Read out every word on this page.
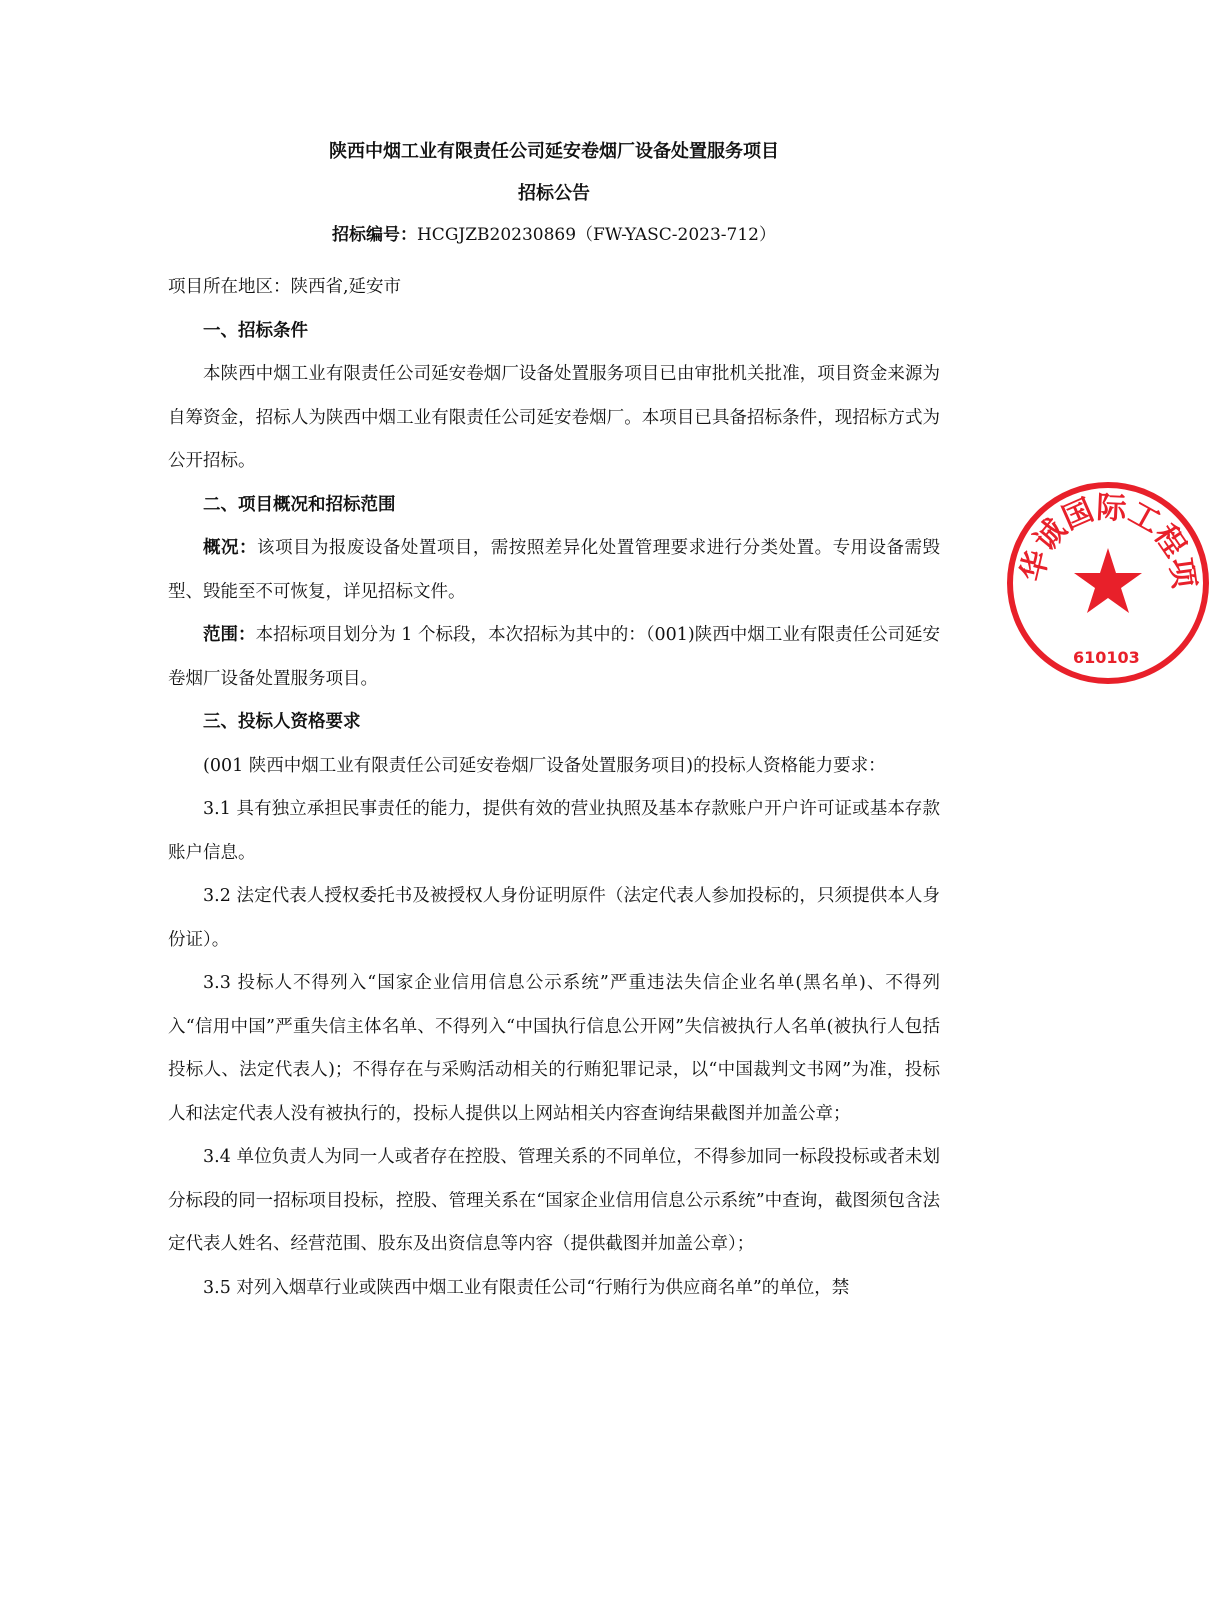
陕西中烟工业有限责任公司延安卷烟厂设备处置服务项目
招标公告
招标编号：HCGJZB20230869（FW-YASC-2023-712）

项目所在地区：陕西省,延安市

一、招标条件

本陕西中烟工业有限责任公司延安卷烟厂设备处置服务项目已由审批机关批准，项目资金来源为自筹资金，招标人为陕西中烟工业有限责任公司延安卷烟厂。本项目已具备招标条件，现招标方式为公开招标。

二、项目概况和招标范围

概况：该项目为报废设备处置项目，需按照差异化处置管理要求进行分类处置。专用设备需毁型、毁能至不可恢复，详见招标文件。

范围：本招标项目划分为 1 个标段，本次招标为其中的：（001)陕西中烟工业有限责任公司延安卷烟厂设备处置服务项目。

三、投标人资格要求

(001 陕西中烟工业有限责任公司延安卷烟厂设备处置服务项目)的投标人资格能力要求：

3.1 具有独立承担民事责任的能力，提供有效的营业执照及基本存款账户开户许可证或基本存款账户信息。

3.2 法定代表人授权委托书及被授权人身份证明原件（法定代表人参加投标的，只须提供本人身份证）。

3.3 投标人不得列入“国家企业信用信息公示系统”严重违法失信企业名单(黑名单)、不得列入“信用中国”严重失信主体名单、不得列入“中国执行信息公开网”失信被执行人名单(被执行人包括投标人、法定代表人)；不得存在与采购活动相关的行贿犯罪记录，以“中国裁判文书网”为准，投标人和法定代表人没有被执行的，投标人提供以上网站相关内容查询结果截图并加盖公章；

3.4 单位负责人为同一人或者存在控股、管理关系的不同单位，不得参加同一标段投标或者未划分标段的同一招标项目投标，控股、管理关系在“国家企业信用信息公示系统”中查询，截图须包含法定代表人姓名、经营范围、股东及出资信息等内容（提供截图并加盖公章）；

3.5 对列入烟草行业或陕西中烟工业有限责任公司“行贿行为供应商名单”的单位，禁

华诚国际工程项
610103
